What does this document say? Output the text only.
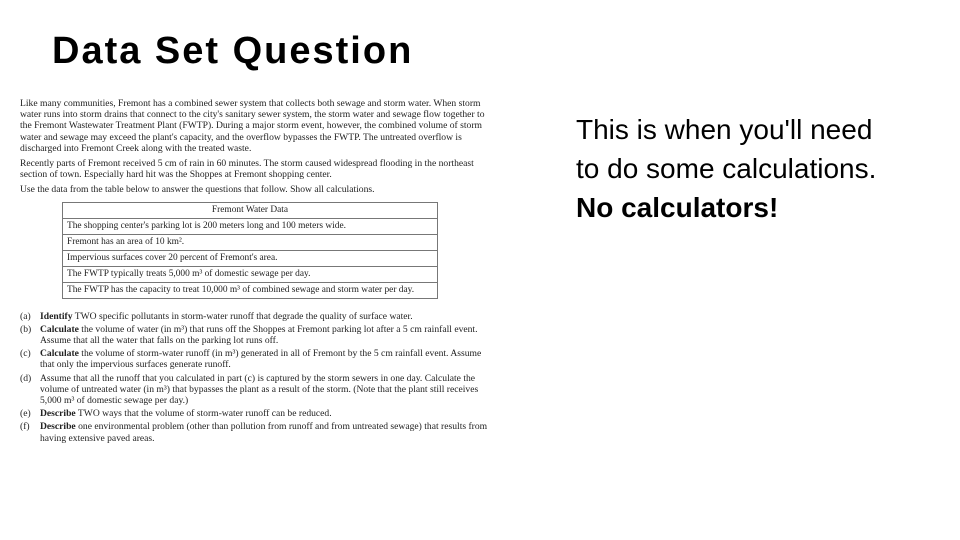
Data Set Question

Like many communities, Fremont has a combined sewer system that collects both sewage and storm water. When storm water runs into storm drains that connect to the city's sanitary sewer system, the storm water and sewage flow together to the Fremont Wastewater Treatment Plant (FWTP). During a major storm event, however, the combined volume of storm water and sewage may exceed the plant's capacity, and the overflow bypasses the FWTP. The untreated overflow is discharged into Fremont Creek along with the treated waste.

Recently parts of Fremont received 5 cm of rain in 60 minutes. The storm caused widespread flooding in the northeast section of town. Especially hard hit was the Shoppes at Fremont shopping center.

Use the data from the table below to answer the questions that follow. Show all calculations.

Fremont Water Data
The shopping center's parking lot is 200 meters long and 100 meters wide.
Fremont has an area of 10 km².
Impervious surfaces cover 20 percent of Fremont's area.
The FWTP typically treats 5,000 m³ of domestic sewage per day.
The FWTP has the capacity to treat 10,000 m³ of combined sewage and storm water per day.
(a) Identify TWO specific pollutants in storm-water runoff that degrade the quality of surface water.
(b) Calculate the volume of water (in m³) that runs off the Shoppes at Fremont parking lot after a 5 cm rainfall event. Assume that all the water that falls on the parking lot runs off.
(c) Calculate the volume of storm-water runoff (in m³) generated in all of Fremont by the 5 cm rainfall event. Assume that only the impervious surfaces generate runoff.
(d) Assume that all the runoff that you calculated in part (c) is captured by the storm sewers in one day. Calculate the volume of untreated water (in m³) that bypasses the plant as a result of the storm. (Note that the plant still receives 5,000 m³ of domestic sewage per day.)
(e) Describe TWO ways that the volume of storm-water runoff can be reduced.
(f)	Describe one environmental problem (other than pollution from runoff and from untreated sewage) that results from having extensive paved areas.

This is when you'll need to do some calculations. No calculators!
